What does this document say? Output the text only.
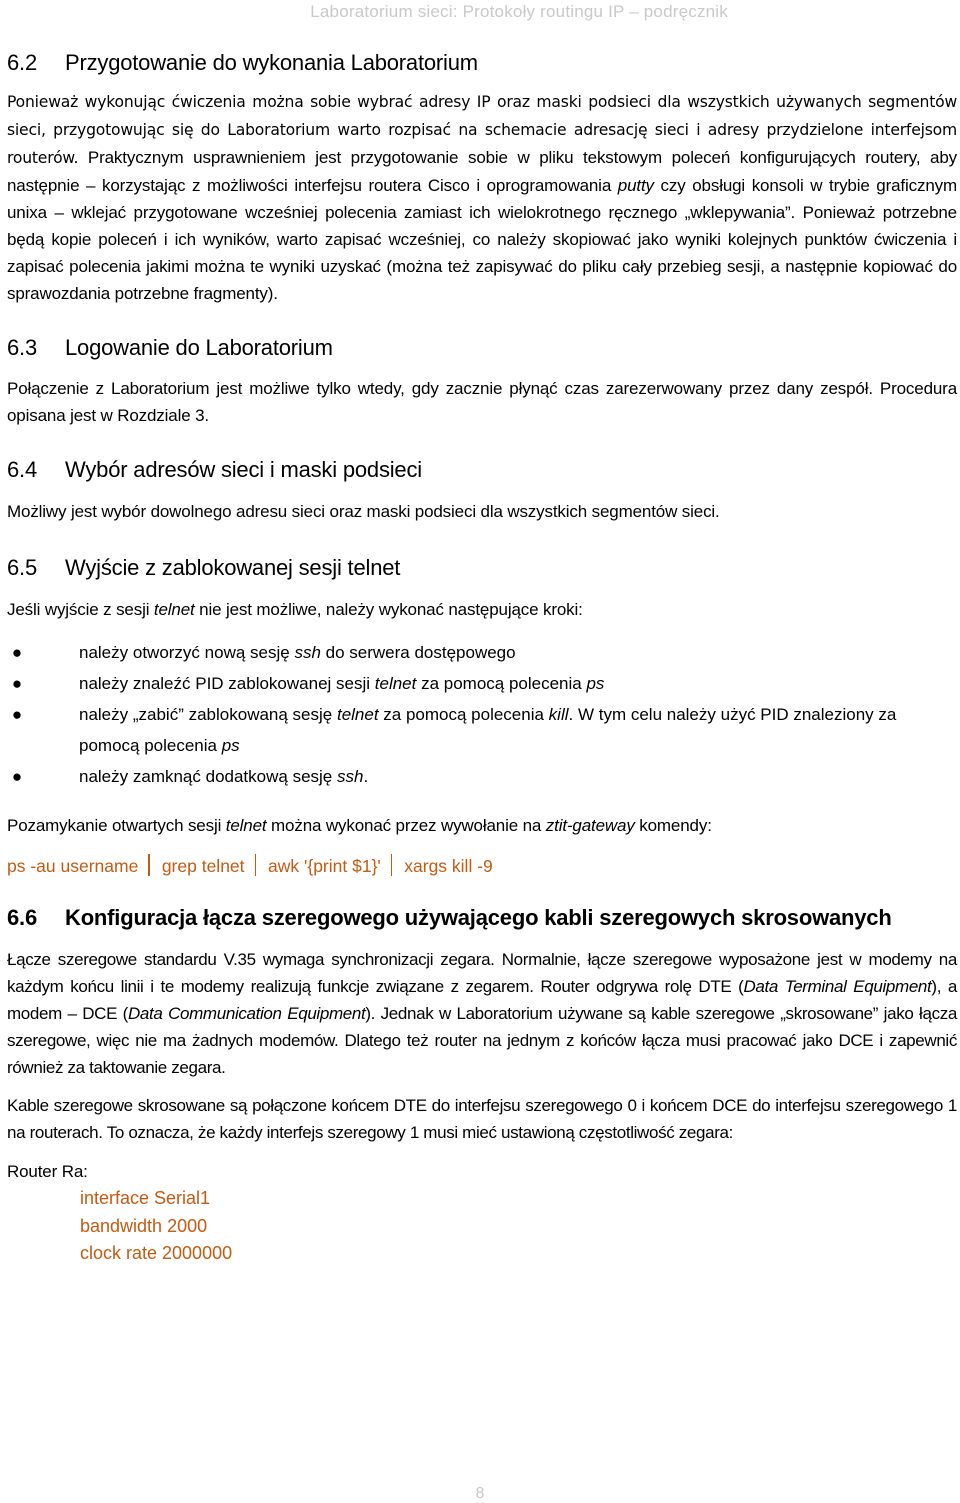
Laboratorium sieci: Protokoły routingu IP – podręcznik
6.2	Przygotowanie do wykonania Laboratorium

Ponieważ wykonując ćwiczenia można sobie wybrać adresy IP oraz maski podsieci dla wszystkich używanych segmentów sieci, przygotowując się do Laboratorium warto rozpisać na schemacie adresację sieci i adresy przydzielone interfejsom routerów. Praktycznym usprawnieniem jest przygotowanie sobie w pliku tekstowym poleceń konfigurujących routery, aby następnie – korzystając z możliwości interfejsu routera Cisco i oprogramowania putty czy obsługi konsoli w trybie graficznym unixa – wklejać przygotowane wcześniej polecenia zamiast ich wielokrotnego ręcznego „wklepywania”. Ponieważ potrzebne będą kopie poleceń i ich wyników, warto zapisać wcześniej, co należy skopiować jako wyniki kolejnych punktów ćwiczenia i zapisać polecenia jakimi można te wyniki uzyskać (można też zapisywać do pliku cały przebieg sesji, a następnie kopiować do sprawozdania potrzebne fragmenty).

6.3	Logowanie do Laboratorium

Połączenie z Laboratorium jest możliwe tylko wtedy, gdy zacznie płynąć czas zarezerwowany przez dany zespół. Procedura opisana jest w Rozdziale 3.

6.4	Wybór adresów sieci i maski podsieci

Możliwy jest wybór dowolnego adresu sieci oraz maski podsieci dla wszystkich segmentów sieci.

6.5	Wyjście z zablokowanej sesji telnet

Jeśli wyjście z sesji telnet nie jest możliwe, należy wykonać następujące kroki:

●	należy otworzyć nową sesję ssh do serwera dostępowego
●	należy znaleźć PID zablokowanej sesji telnet za pomocą polecenia ps
●	należy „zabić” zablokowaną sesję telnet za pomocą polecenia kill. W tym celu należy użyć PID znaleziony za pomocą polecenia ps
●	należy zamknąć dodatkową sesję ssh.

Pozamykanie otwartych sesji telnet można wykonać przez wywołanie na ztit-gateway komendy:

ps -au username grep telnet awk '{print $1}' xargs kill -9
6.6	Konfiguracja łącza szeregowego używającego kabli szeregowych skrosowanych

Łącze szeregowe standardu V.35 wymaga synchronizacji zegara. Normalnie, łącze szeregowe wyposażone jest w modemy na każdym końcu linii i te modemy realizują funkcje związane z zegarem. Router odgrywa rolę DTE (Data Terminal Equipment), a modem – DCE (Data Communication Equipment). Jednak w Laboratorium używane są kable szeregowe „skrosowane” jako łącza szeregowe, więc nie ma żadnych modemów. Dlatego też router na jednym z końców łącza musi pracować jako DCE i zapewnić również za taktowanie zegara.

Kable szeregowe skrosowane są połączone końcem DTE do interfejsu szeregowego 0 i końcem DCE do interfejsu szeregowego 1 na routerach. To oznacza, że każdy interfejs szeregowy 1 musi mieć ustawioną częstotliwość zegara:

Router Ra:

interface Serial1
bandwidth 2000
clock rate 2000000
8
